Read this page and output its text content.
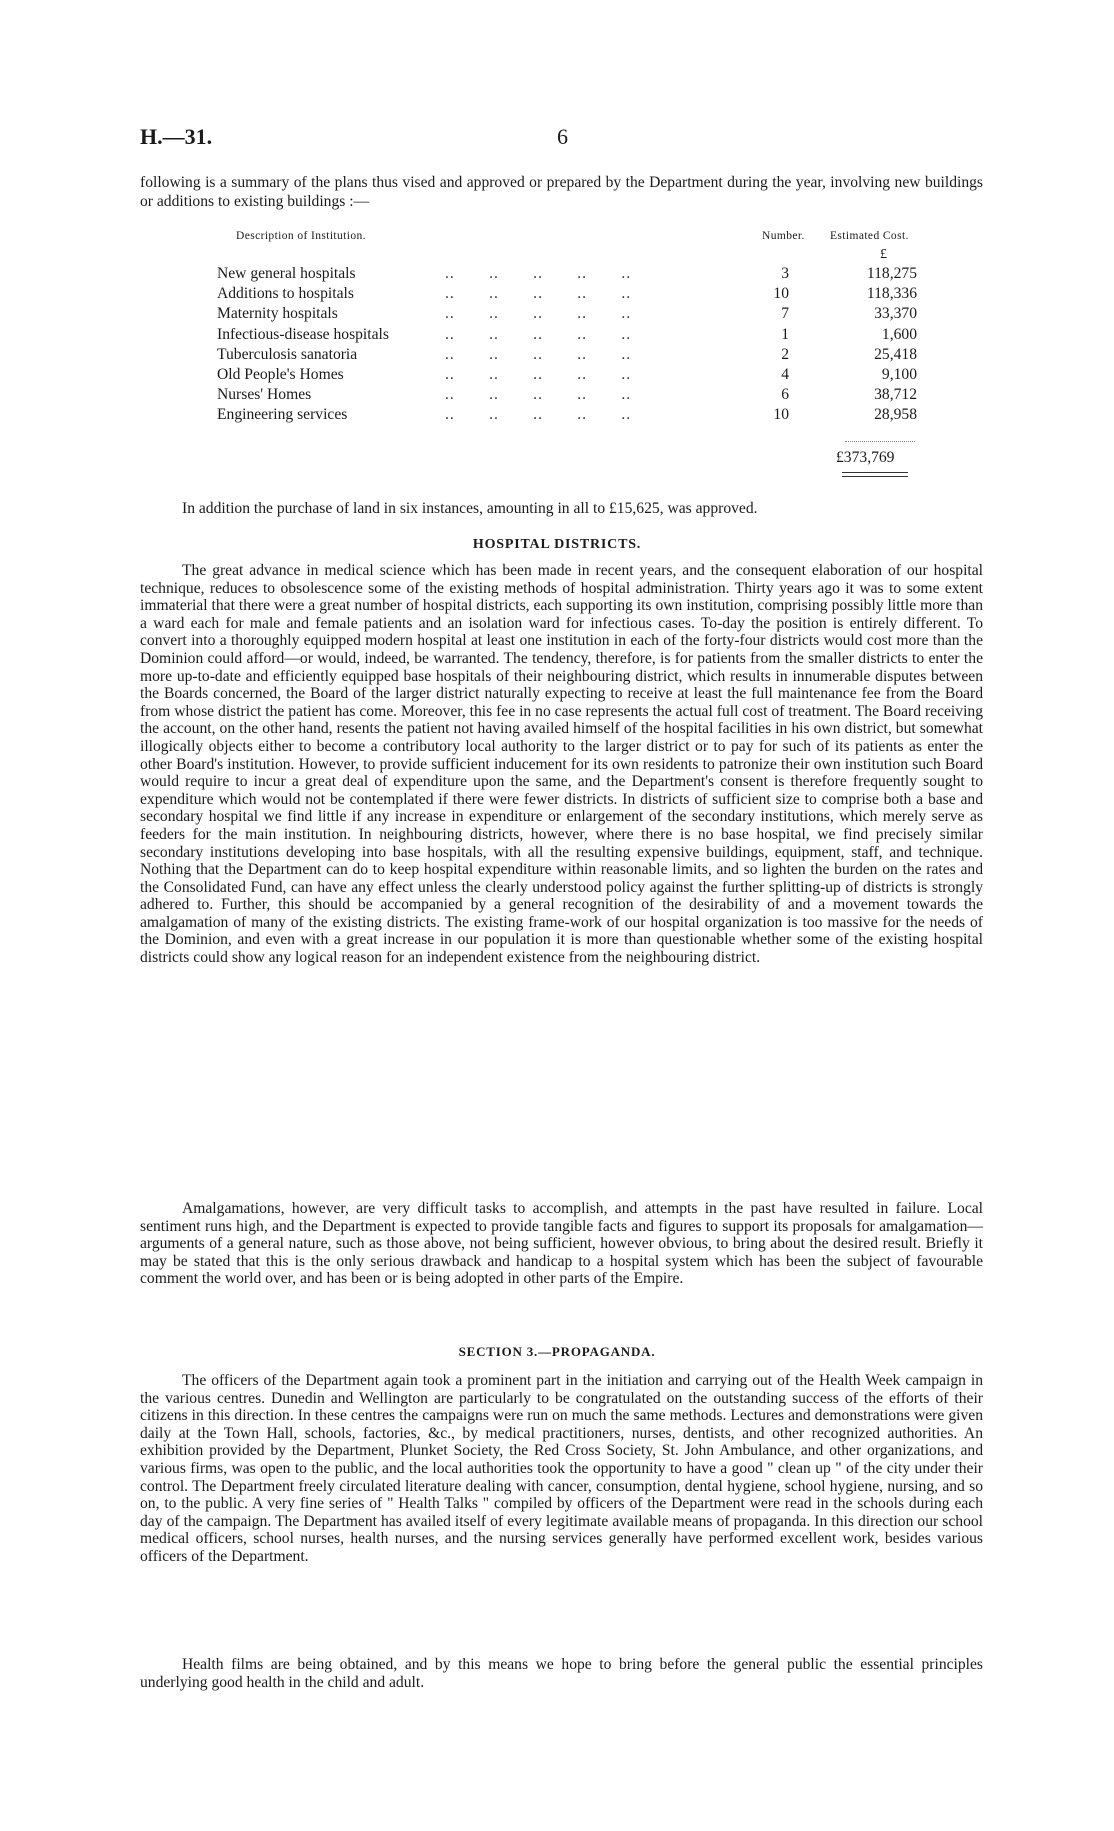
H.—31.	6

following is a summary of the plans thus vised and approved or prepared by the Department during the year, involving new buildings or additions to existing buildings :—

Description of Institution.	Number. Estimated Cost.
£
New general hospitals	..       ..       ..       ..       ..	3	118,275
Additions to hospitals	..       ..       ..       ..       ..	10	118,336
Maternity hospitals	..       ..       ..       ..       ..	7	33,370
Infectious-disease hospitals	..       ..       ..       ..       ..	1	1,600
Tuberculosis sanatoria	..       ..       ..       ..       ..	2	25,418
Old People's Homes	..       ..       ..       ..       ..	4	9,100
Nurses' Homes	..       ..       ..       ..       ..	6	38,712
Engineering services	..       ..       ..       ..       ..	10	28,958
£373,769

In addition the purchase of land in six instances, amounting in all to £15,625, was approved.

HOSPITAL DISTRICTS.

The great advance in medical science which has been made in recent years, and the consequent elaboration of our hospital technique, reduces to obsolescence some of the existing methods of hospital administration. Thirty years ago it was to some extent immaterial that there were a great number of hospital districts, each supporting its own institution, comprising possibly little more than a ward each for male and female patients and an isolation ward for infectious cases. To-day the position is entirely different. To convert into a thoroughly equipped modern hospital at least one institution in each of the forty-four districts would cost more than the Dominion could afford—or would, indeed, be warranted. The tendency, therefore, is for patients from the smaller districts to enter the more up-to-date and efficiently equipped base hospitals of their neighbouring district, which results in innumerable disputes between the Boards concerned, the Board of the larger district naturally expecting to receive at least the full maintenance fee from the Board from whose district the patient has come. Moreover, this fee in no case represents the actual full cost of treatment. The Board receiving the account, on the other hand, resents the patient not having availed himself of the hospital facilities in his own district, but somewhat illogically objects either to become a contributory local authority to the larger district or to pay for such of its patients as enter the other Board's institution. However, to provide sufficient inducement for its own residents to patronize their own institution such Board would require to incur a great deal of expenditure upon the same, and the Department's consent is therefore frequently sought to expenditure which would not be contemplated if there were fewer districts. In districts of sufficient size to comprise both a base and secondary hospital we find little if any increase in expenditure or enlargement of the secondary institutions, which merely serve as feeders for the main institution. In neighbouring districts, however, where there is no base hospital, we find precisely similar secondary institutions developing into base hospitals, with all the resulting expensive buildings, equipment, staff, and technique. Nothing that the Department can do to keep hospital expenditure within reasonable limits, and so lighten the burden on the rates and the Consolidated Fund, can have any effect unless the clearly understood policy against the further splitting-up of districts is strongly adhered to. Further, this should be accompanied by a general recognition of the desirability of and a movement towards the amalgamation of many of the existing districts. The existing frame-work of our hospital organization is too massive for the needs of the Dominion, and even with a great increase in our population it is more than questionable whether some of the existing hospital districts could show any logical reason for an independent existence from the neighbouring district.

Amalgamations, however, are very difficult tasks to accomplish, and attempts in the past have resulted in failure. Local sentiment runs high, and the Department is expected to provide tangible facts and figures to support its proposals for amalgamation—arguments of a general nature, such as those above, not being sufficient, however obvious, to bring about the desired result. Briefly it may be stated that this is the only serious drawback and handicap to a hospital system which has been the subject of favourable comment the world over, and has been or is being adopted in other parts of the Empire.

SECTION 3.—PROPAGANDA.

The officers of the Department again took a prominent part in the initiation and carrying out of the Health Week campaign in the various centres. Dunedin and Wellington are particularly to be congratulated on the outstanding success of the efforts of their citizens in this direction. In these centres the campaigns were run on much the same methods. Lectures and demonstrations were given daily at the Town Hall, schools, factories, &c., by medical practitioners, nurses, dentists, and other recognized authorities. An exhibition provided by the Department, Plunket Society, the Red Cross Society, St. John Ambulance, and other organizations, and various firms, was open to the public, and the local authorities took the opportunity to have a good " clean up " of the city under their control. The Department freely circulated literature dealing with cancer, consumption, dental hygiene, school hygiene, nursing, and so on, to the public. A very fine series of " Health Talks " compiled by officers of the Department were read in the schools during each day of the campaign. The Department has availed itself of every legitimate available means of propaganda. In this direction our school medical officers, school nurses, health nurses, and the nursing services generally have performed excellent work, besides various officers of the Department.

Health films are being obtained, and by this means we hope to bring before the general public the essential principles underlying good health in the child and adult.
